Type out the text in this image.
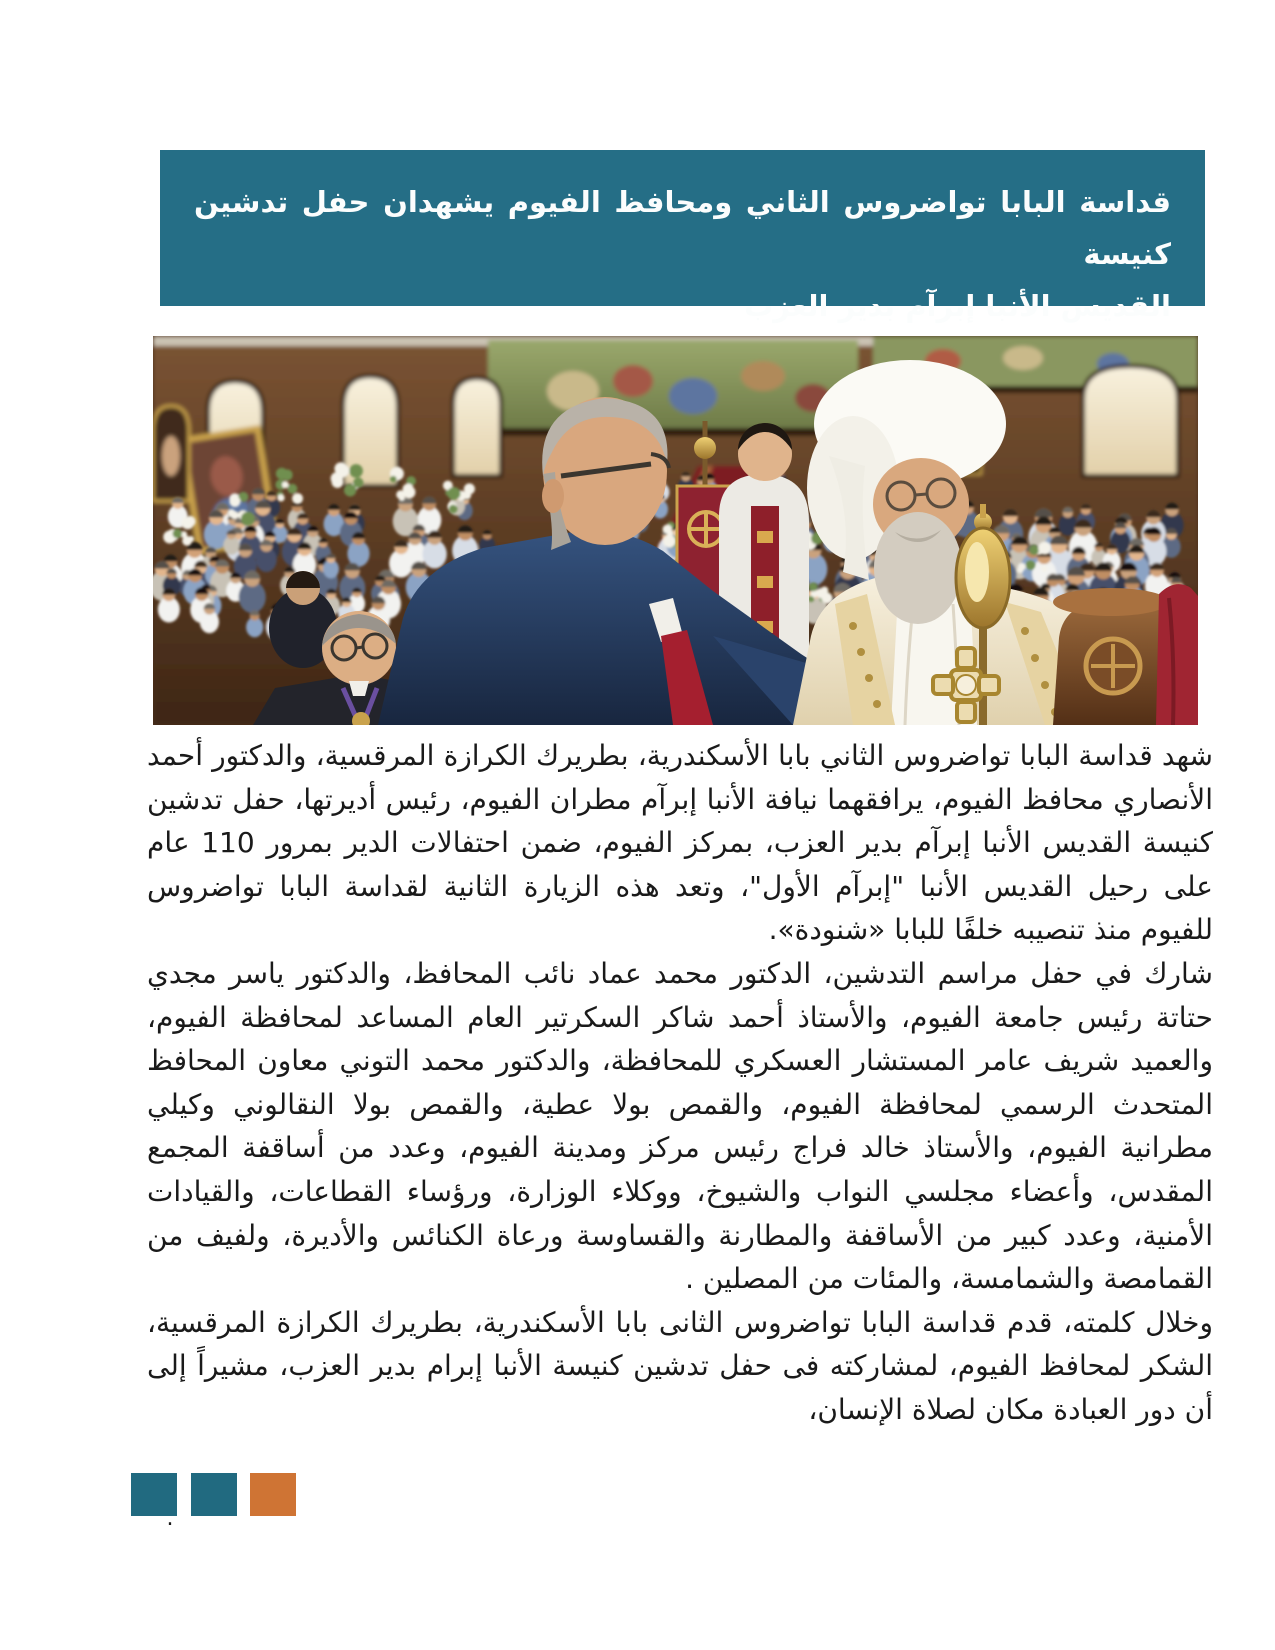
قداسة البابا تواضروس الثاني ومحافظ الفيوم يشهدان حفل تدشين كنيسة
القديس الأنبا إبرآم بدير العزب

شهد قداسة البابا تواضروس الثاني بابا الأسكندرية، بطريرك الكرازة المرقسية، والدكتور أحمد الأنصاري محافظ الفيوم، يرافقهما نيافة الأنبا إبرآم مطران الفيوم، رئيس أديرتها، حفل تدشين كنيسة القديس الأنبا إبرآم بدير العزب، بمركز الفيوم، ضمن احتفالات الدير بمرور 110 عام على رحيل القديس الأنبا "إبرآم الأول"، وتعد هذه الزيارة الثانية لقداسة البابا تواضروس للفيوم منذ تنصيبه خلفًا للبابا «شنودة».

شارك في حفل مراسم التدشين، الدكتور محمد عماد نائب المحافظ، والدكتور ياسر مجدي حتاتة رئيس جامعة الفيوم، والأستاذ أحمد شاكر السكرتير العام المساعد لمحافظة الفيوم، والعميد شريف عامر المستشار العسكري للمحافظة، والدكتور محمد التوني معاون المحافظ المتحدث الرسمي لمحافظة الفيوم، والقمص بولا عطية، والقمص بولا النقالوني وكيلي مطرانية الفيوم، والأستاذ خالد فراج رئيس مركز ومدينة الفيوم، وعدد من أساقفة المجمع المقدس، وأعضاء مجلسي النواب والشيوخ، ووكلاء الوزارة، ورؤساء القطاعات، والقيادات الأمنية، وعدد كبير من الأساقفة والمطارنة والقساوسة ورعاة الكنائس والأديرة، ولفيف من القمامصة والشمامسة، والمئات من المصلين .

وخلال كلمته، قدم قداسة البابا تواضروس الثانى بابا الأسكندرية، بطريرك الكرازة المرقسية، الشكر لمحافظ الفيوم، لمشاركته فى حفل تدشين كنيسة الأنبا إبرام بدير العزب، مشيراً إلى أن دور العبادة مكان لصلاة الإنسان،

.
